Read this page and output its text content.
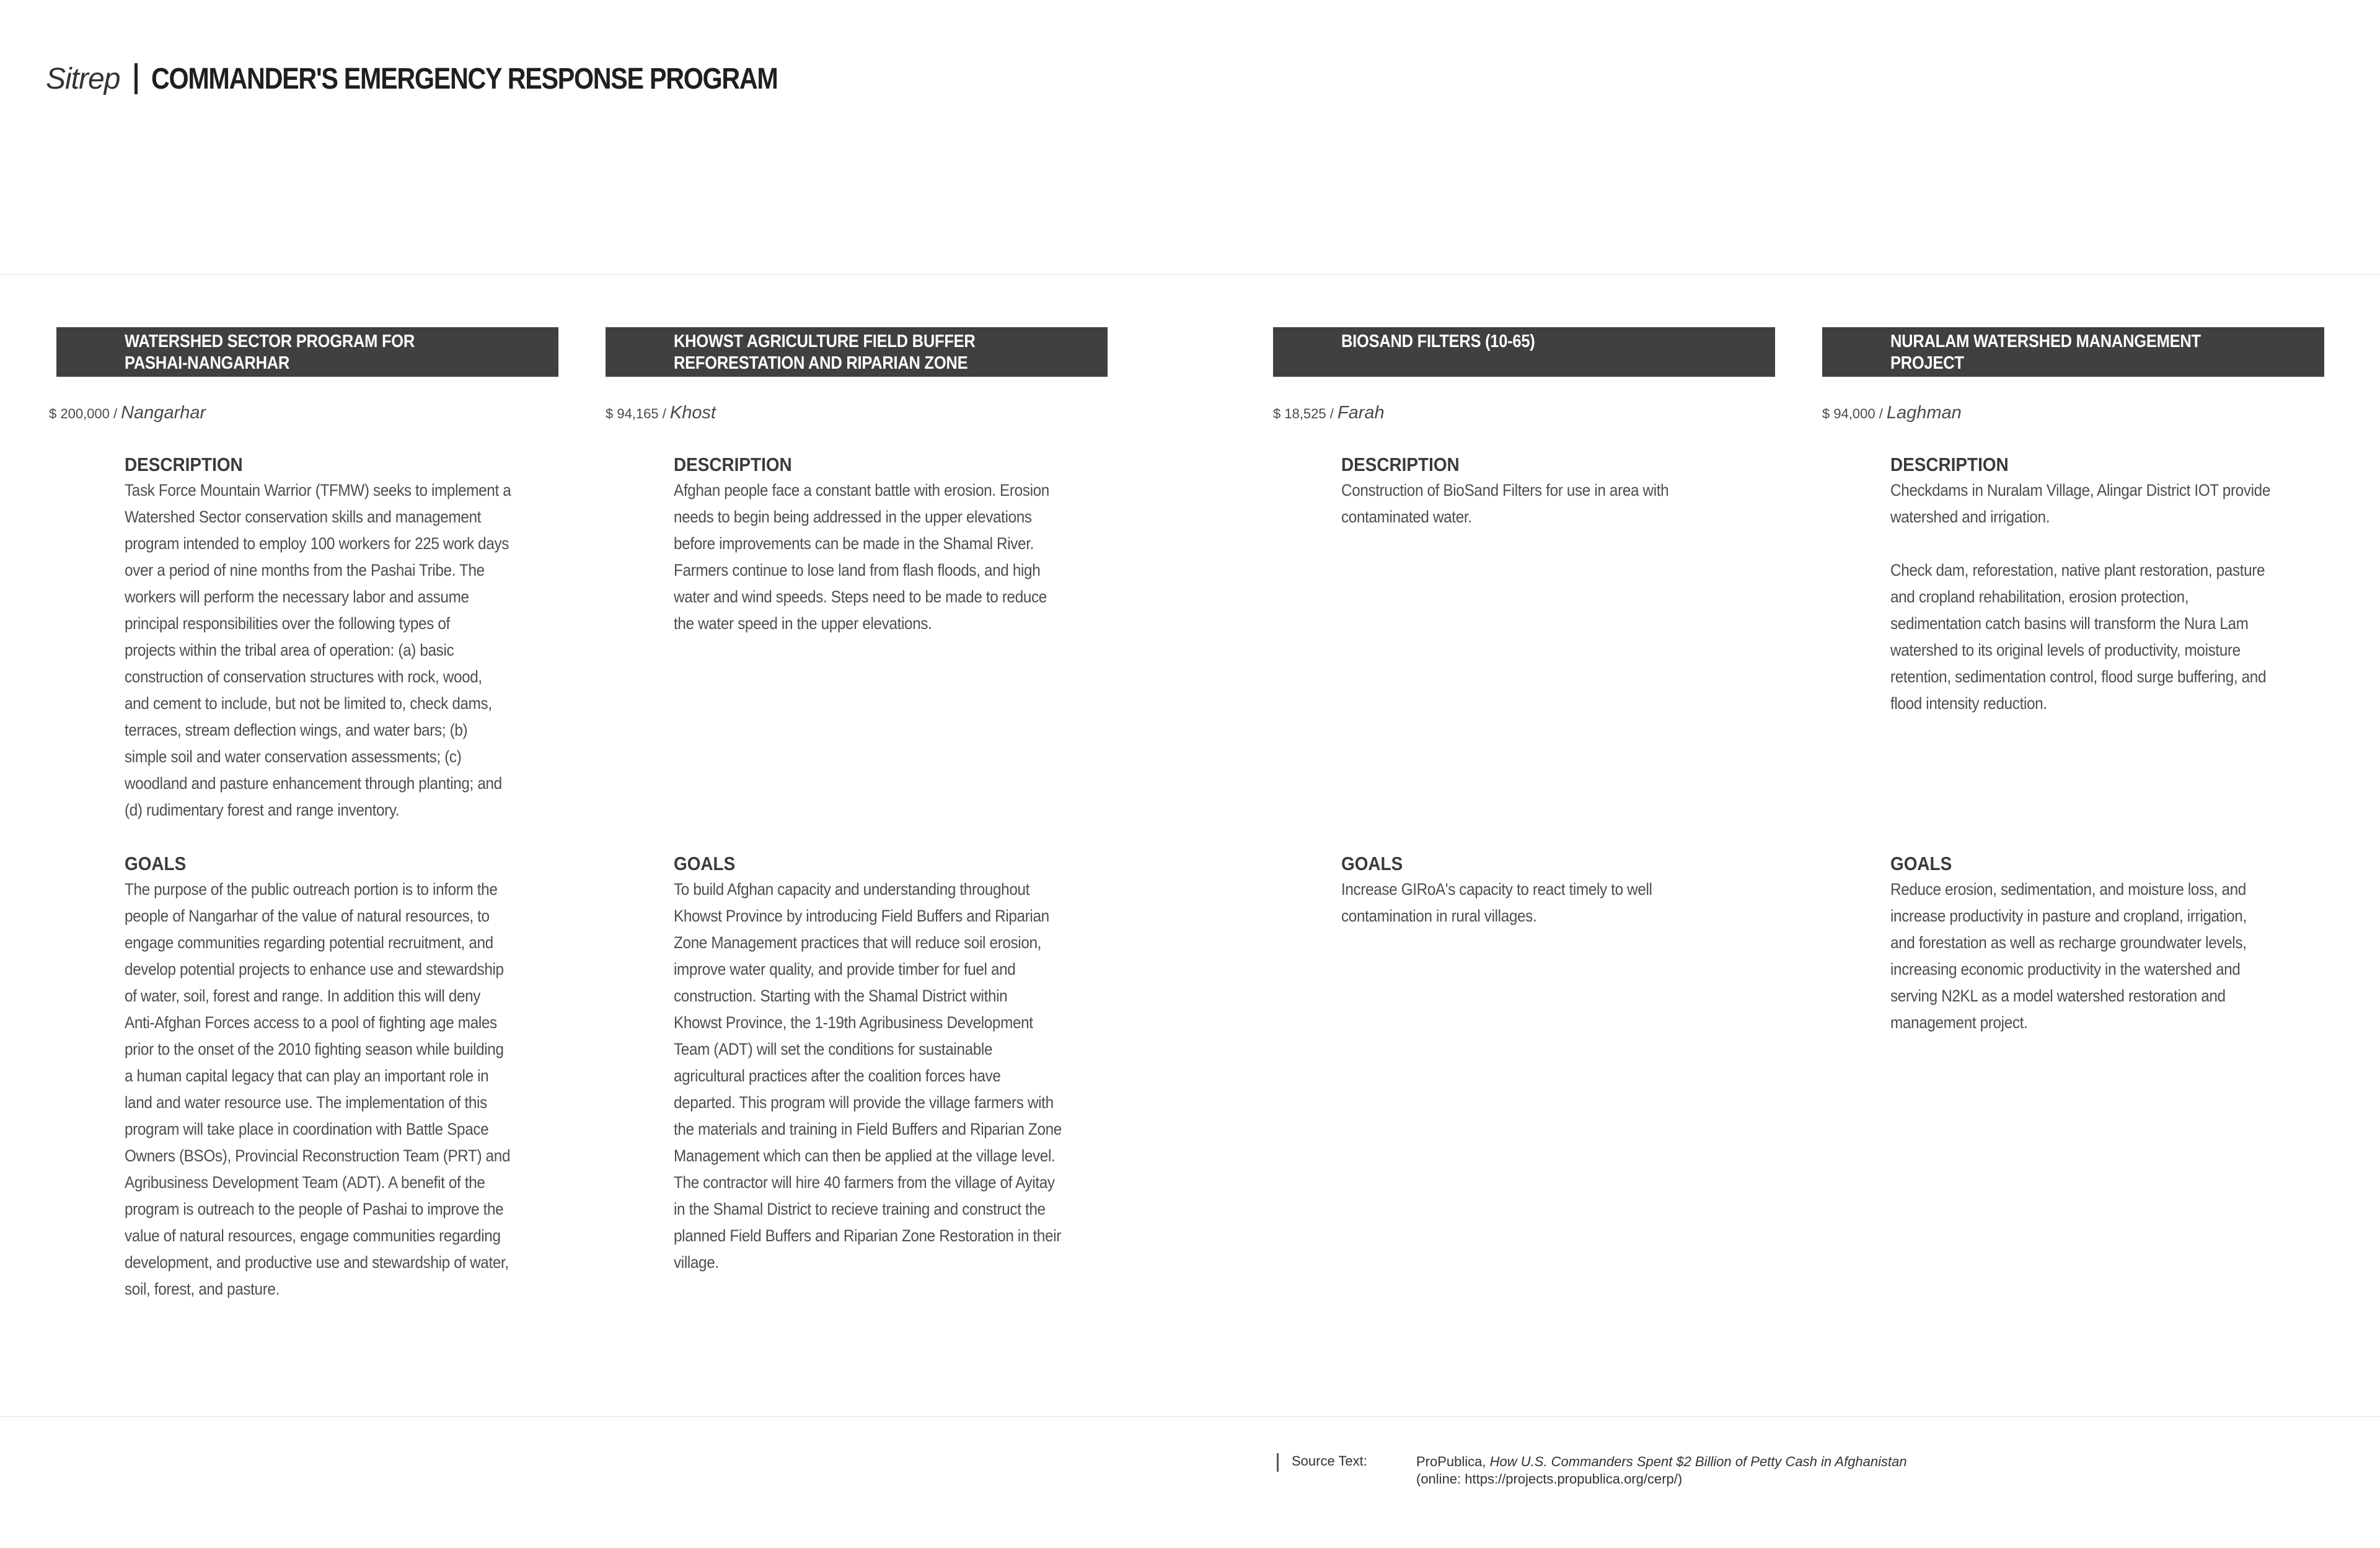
Sitrep COMMANDER'S EMERGENCY RESPONSE PROGRAM
WATERSHED SECTOR PROGRAM FOR
PASHAI-NANGARHAR
$ 200,000 / Nangarhar
DESCRIPTION
Task Force Mountain Warrior (TFMW) seeks to implement a
Watershed Sector conservation skills and management
program intended to employ 100 workers for 225 work days
over a period of nine months from the Pashai Tribe. The
workers will perform the necessary labor and assume
principal responsibilities over the following types of
projects within the tribal area of operation: (a) basic
construction of conservation structures with rock, wood,
and cement to include, but not be limited to, check dams,
terraces, stream deflection wings, and water bars; (b)
simple soil and water conservation assessments; (c)
woodland and pasture enhancement through planting; and
(d) rudimentary forest and range inventory.
GOALS
The purpose of the public outreach portion is to inform the
people of Nangarhar of the value of natural resources, to
engage communities regarding potential recruitment, and
develop potential projects to enhance use and stewardship
of water, soil, forest and range. In addition this will deny
Anti-Afghan Forces access to a pool of fighting age males
prior to the onset of the 2010 fighting season while building
a human capital legacy that can play an important role in
land and water resource use. The implementation of this
program will take place in coordination with Battle Space
Owners (BSOs), Provincial Reconstruction Team (PRT) and
Agribusiness Development Team (ADT). A benefit of the
program is outreach to the people of Pashai to improve the
value of natural resources, engage communities regarding
development, and productive use and stewardship of water,
soil, forest, and pasture.
KHOWST AGRICULTURE FIELD BUFFER
REFORESTATION AND RIPARIAN ZONE RESTORATION
$ 94,165 / Khost
DESCRIPTION
Afghan people face a constant battle with erosion. Erosion
needs to begin being addressed in the upper elevations
before improvements can be made in the Shamal River.
Farmers continue to lose land from flash floods, and high
water and wind speeds. Steps need to be made to reduce
the water speed in the upper elevations.
GOALS
To build Afghan capacity and understanding throughout
Khowst Province by introducing Field Buffers and Riparian
Zone Management practices that will reduce soil erosion,
improve water quality, and provide timber for fuel and
construction. Starting with the Shamal District within
Khowst Province, the 1-19th Agribusiness Development
Team (ADT) will set the conditions for sustainable
agricultural practices after the coalition forces have
departed. This program will provide the village farmers with
the materials and training in Field Buffers and Riparian Zone
Management which can then be applied at the village level.
The contractor will hire 40 farmers from the village of Ayitay
in the Shamal District to recieve training and construct the
planned Field Buffers and Riparian Zone Restoration in their
village.
BIOSAND FILTERS (10-65)
$ 18,525 / Farah
DESCRIPTION
Construction of BioSand Filters for use in area with
contaminated water.
GOALS
Increase GIRoA's capacity to react timely to well
contamination in rural villages.
NURALAM WATERSHED MANANGEMENT PROJECT
$ 94,000 / Laghman
DESCRIPTION
Checkdams in Nuralam Village, Alingar District IOT provide
watershed and irrigation.

Check dam, reforestation, native plant restoration, pasture
and cropland rehabilitation, erosion protection,
sedimentation catch basins will transform the Nura Lam
watershed to its original levels of productivity, moisture
retention, sedimentation control, flood surge buffering, and
flood intensity reduction.
GOALS
Reduce erosion, sedimentation, and moisture loss, and
increase productivity in pasture and cropland, irrigation,
and forestation as well as recharge groundwater levels,
increasing economic productivity in the watershed and
serving N2KL as a model watershed restoration and
management project.
Source Text:	ProPublica, How U.S. Commanders Spent $2 Billion of Petty Cash in Afghanistan
(online: https://projects.propublica.org/cerp/)
